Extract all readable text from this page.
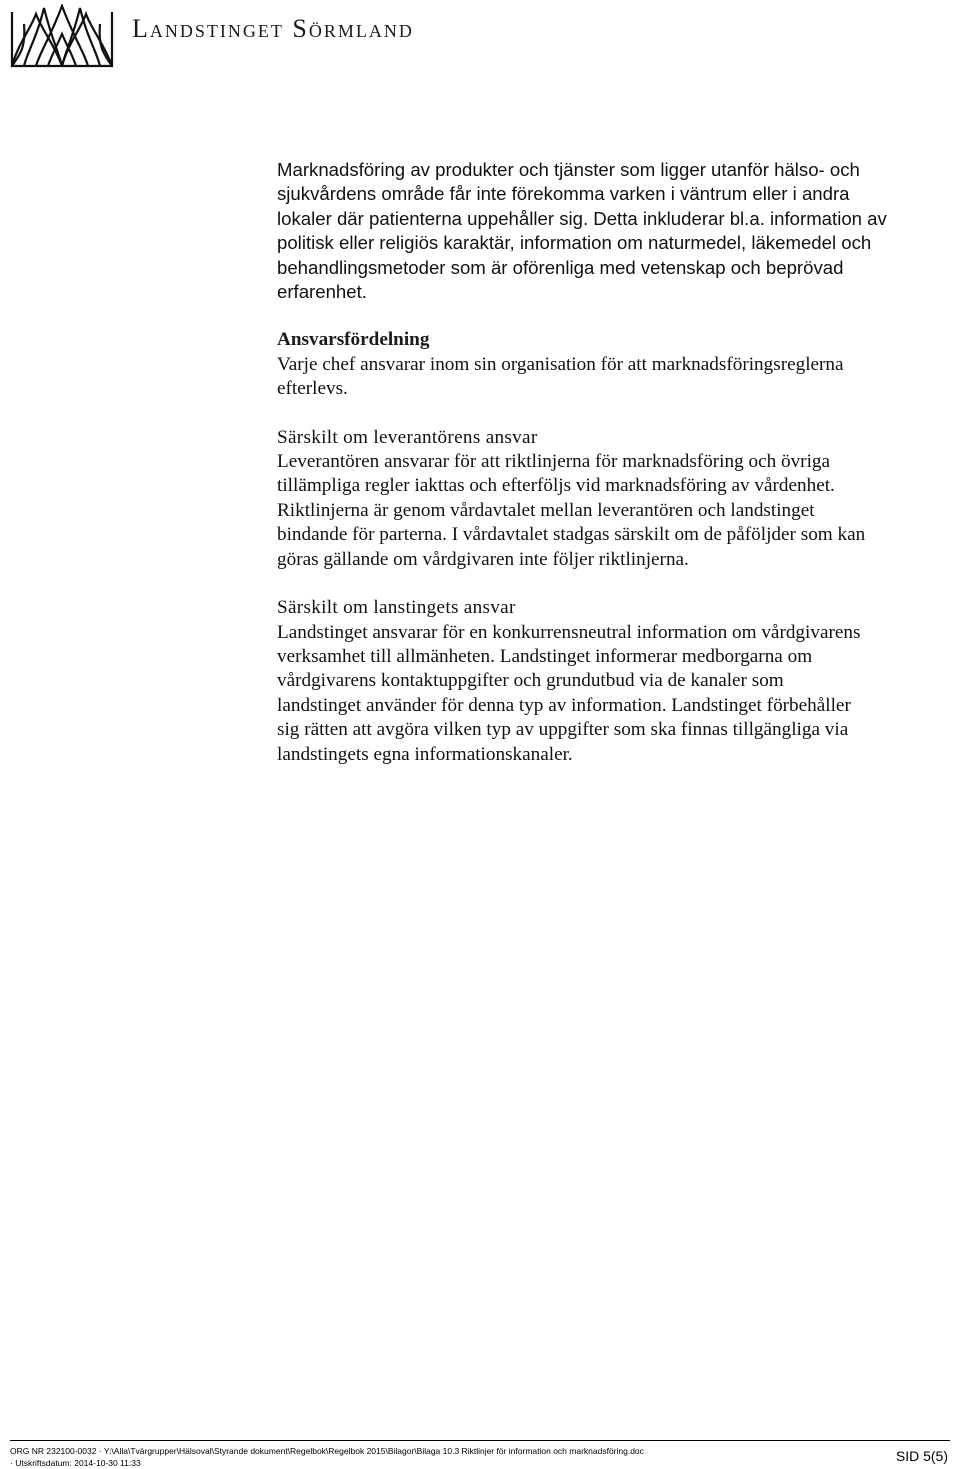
Landstinget Sörmland

Marknadsföring av produkter och tjänster som ligger utanför hälso- och
sjukvårdens område får inte förekomma varken i väntrum eller i andra
lokaler där patienterna uppehåller sig. Detta inkluderar bl.a. information av
politisk eller religiös karaktär, information om naturmedel, läkemedel och
behandlingsmetoder som är oförenliga med vetenskap och beprövad
erfarenhet.

Ansvarsfördelning

Varje chef ansvarar inom sin organisation för att marknadsföringsreglerna
efterlevs.

Särskilt om leverantörens ansvar

Leverantören ansvarar för att riktlinjerna för marknadsföring och övriga
tillämpliga regler iakttas och efterföljs vid marknadsföring av vårdenhet.
Riktlinjerna är genom vårdavtalet mellan leverantören och landstinget
bindande för parterna. I vårdavtalet stadgas särskilt om de påföljder som kan
göras gällande om vårdgivaren inte följer riktlinjerna.

Särskilt om lanstingets ansvar

Landstinget ansvarar för en konkurrensneutral information om vårdgivarens
verksamhet till allmänheten. Landstinget informerar medborgarna om
vårdgivarens kontaktuppgifter och grundutbud via de kanaler som
landstinget använder för denna typ av information. Landstinget förbehåller
sig rätten att avgöra vilken typ av uppgifter som ska finnas tillgängliga via
landstingets egna informationskanaler.

ORG NR 232100-0032 · Y:\Alla\Tvärgrupper\Hälsoval\Styrande dokument\Regelbok\Regelbok 2015\Bilagor\Bilaga 10.3 Riktlinjer för information och marknadsföring.doc
· Utskriftsdatum: 2014-10-30 11:33	SID 5(5)
